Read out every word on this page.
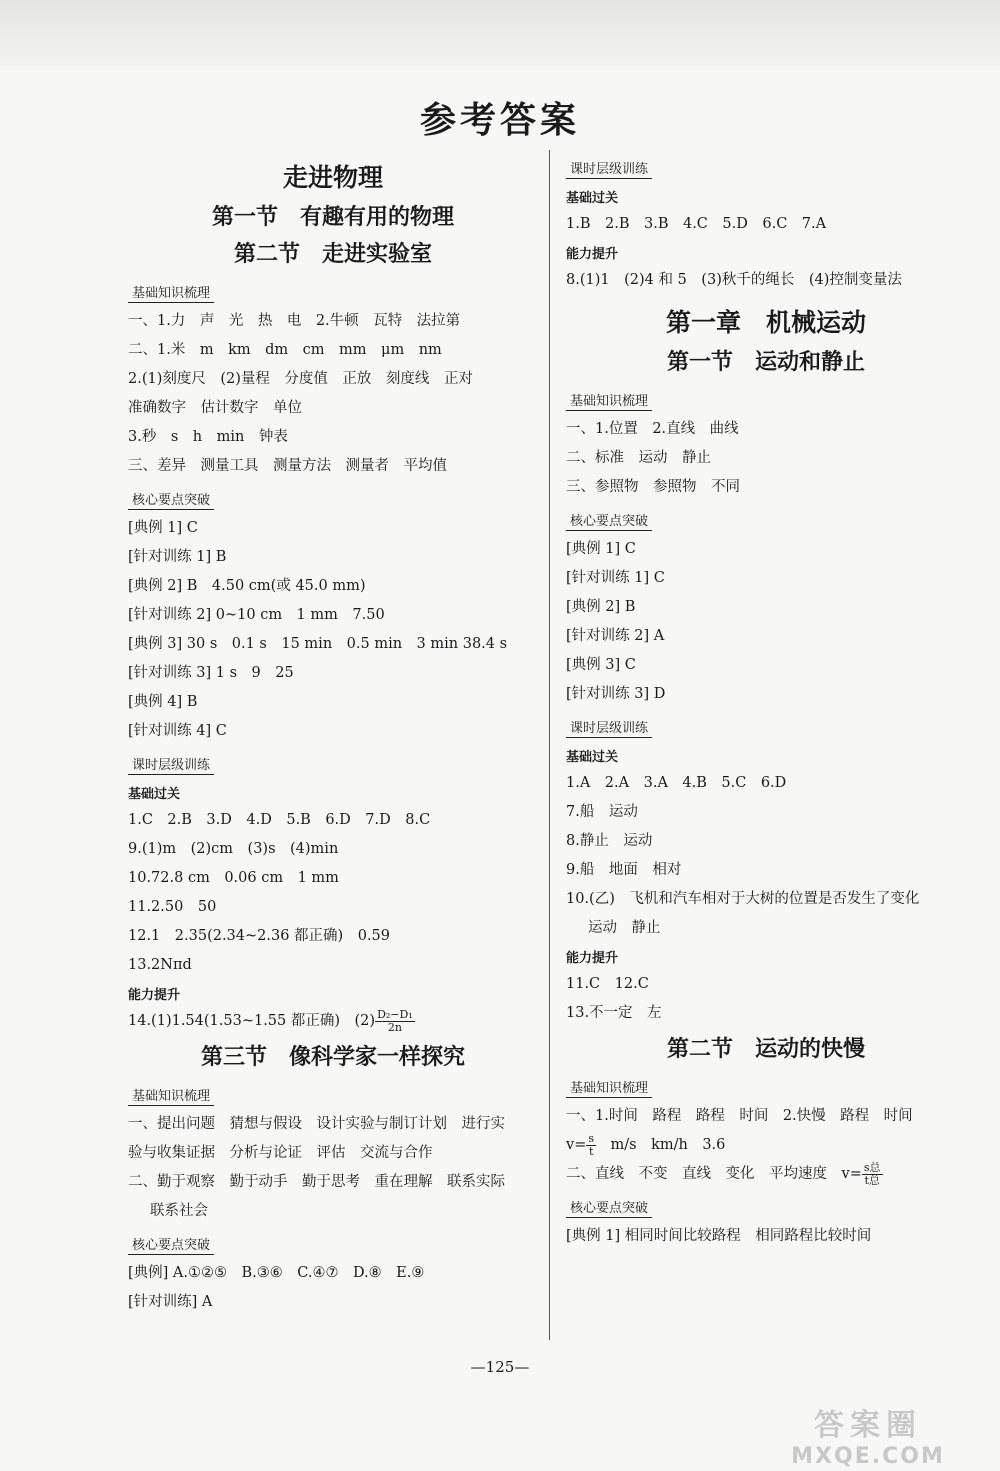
参考答案
走进物理
第一节　有趣有用的物理
第二节　走进实验室
基础知识梳理
一、1.力　声　光　热　电　2.牛顿　瓦特　法拉第
二、1.米　m　km　dm　cm　mm　μm　nm
2.(1)刻度尺　(2)量程　分度值　正放　刻度线　正对
准确数字　估计数字　单位
3.秒　s　h　min　钟表
三、差异　测量工具　测量方法　测量者　平均值
核心要点突破
[典例 1] C
[针对训练 1] B
[典例 2] B　4.50 cm(或 45.0 mm)
[针对训练 2] 0~10 cm　1 mm　7.50
[典例 3] 30 s　0.1 s　15 min　0.5 min　3 min 38.4 s
[针对训练 3] 1 s　9　25
[典例 4] B
[针对训练 4] C
课时层级训练
基础过关
1.C　2.B　3.D　4.D　5.B　6.D　7.D　8.C
9.(1)m　(2)cm　(3)s　(4)min
10.72.8 cm　0.06 cm　1 mm
11.2.50　50
12.1　2.35(2.34~2.36 都正确)　0.59
13.2Nπd
能力提升
14.(1)1.54(1.53~1.55 都正确)　$(2) \frac{\text{D₂−D₁}}{2n}$
第三节　像科学家一样探究
基础知识梳理
一、提出问题　猜想与假设　设计实验与制订计划　进行实
验与收集证据　分析与论证　评估　交流与合作
二、勤于观察　勤于动手　勤于思考　重在理解　联系实际
联系社会
核心要点突破
[典例] A.①②⑤　B.③⑥　C.④⑦　D.⑧　E.⑨
[针对训练] A
课时层级训练
基础过关
1.B　2.B　3.B　4.C　5.D　6.C　7.A
能力提升
8.(1)1　(2)4 和 5　(3)秋千的绳长　(4)控制变量法
第一章　机械运动
第一节　运动和静止
基础知识梳理
一、1.位置　2.直线　曲线
二、标准　运动　静止
三、参照物　参照物　不同
核心要点突破
[典例 1] C
[针对训练 1] C
[典例 2] B
[针对训练 2] A
[典例 3] C
[针对训练 3] D
课时层级训练
基础过关
1.A　2.A　3.A　4.B　5.C　6.D
7.船　运动
8.静止　运动
9.船　地面　相对
10.(乙)　飞机和汽车相对于大树的位置是否发生了变化
运动　静止
能力提升
11.C　12.C
13.不一定　左
第二节　运动的快慢
基础知识梳理
一、1.时间　路程　路程　时间　2.快慢　路程　时间
$v= \frac{s}{t}$ 　m/s　km/h　3.6
二、直线　不变　直线　变化　平均速度　$v= \frac{\text{s总}}{\text{t总}}$
核心要点突破
[典例 1] 相同时间比较路程　相同路程比较时间
—125—
答案圈
MXQE.COM
